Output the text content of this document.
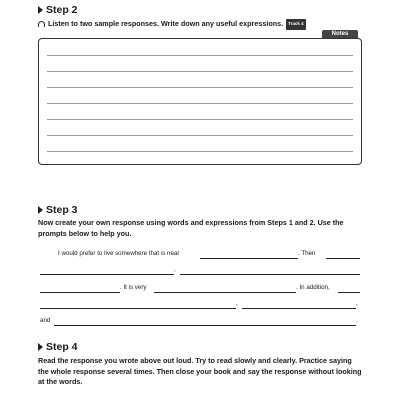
Step 2
Listen to two sample responses. Write down any useful expressions. Track 4
Notes
Step 3
Now create your own response using words and expressions from Steps 1 and 2. Use the prompts below to help you.
I would prefer to live somewhere that is near	. Then
,
. It is very	. In addition,
,	,
and	.
Step 4
Read the response you wrote above out loud. Try to read slowly and clearly. Practice saying the whole response several times. Then close your book and say the response without looking at the words.
